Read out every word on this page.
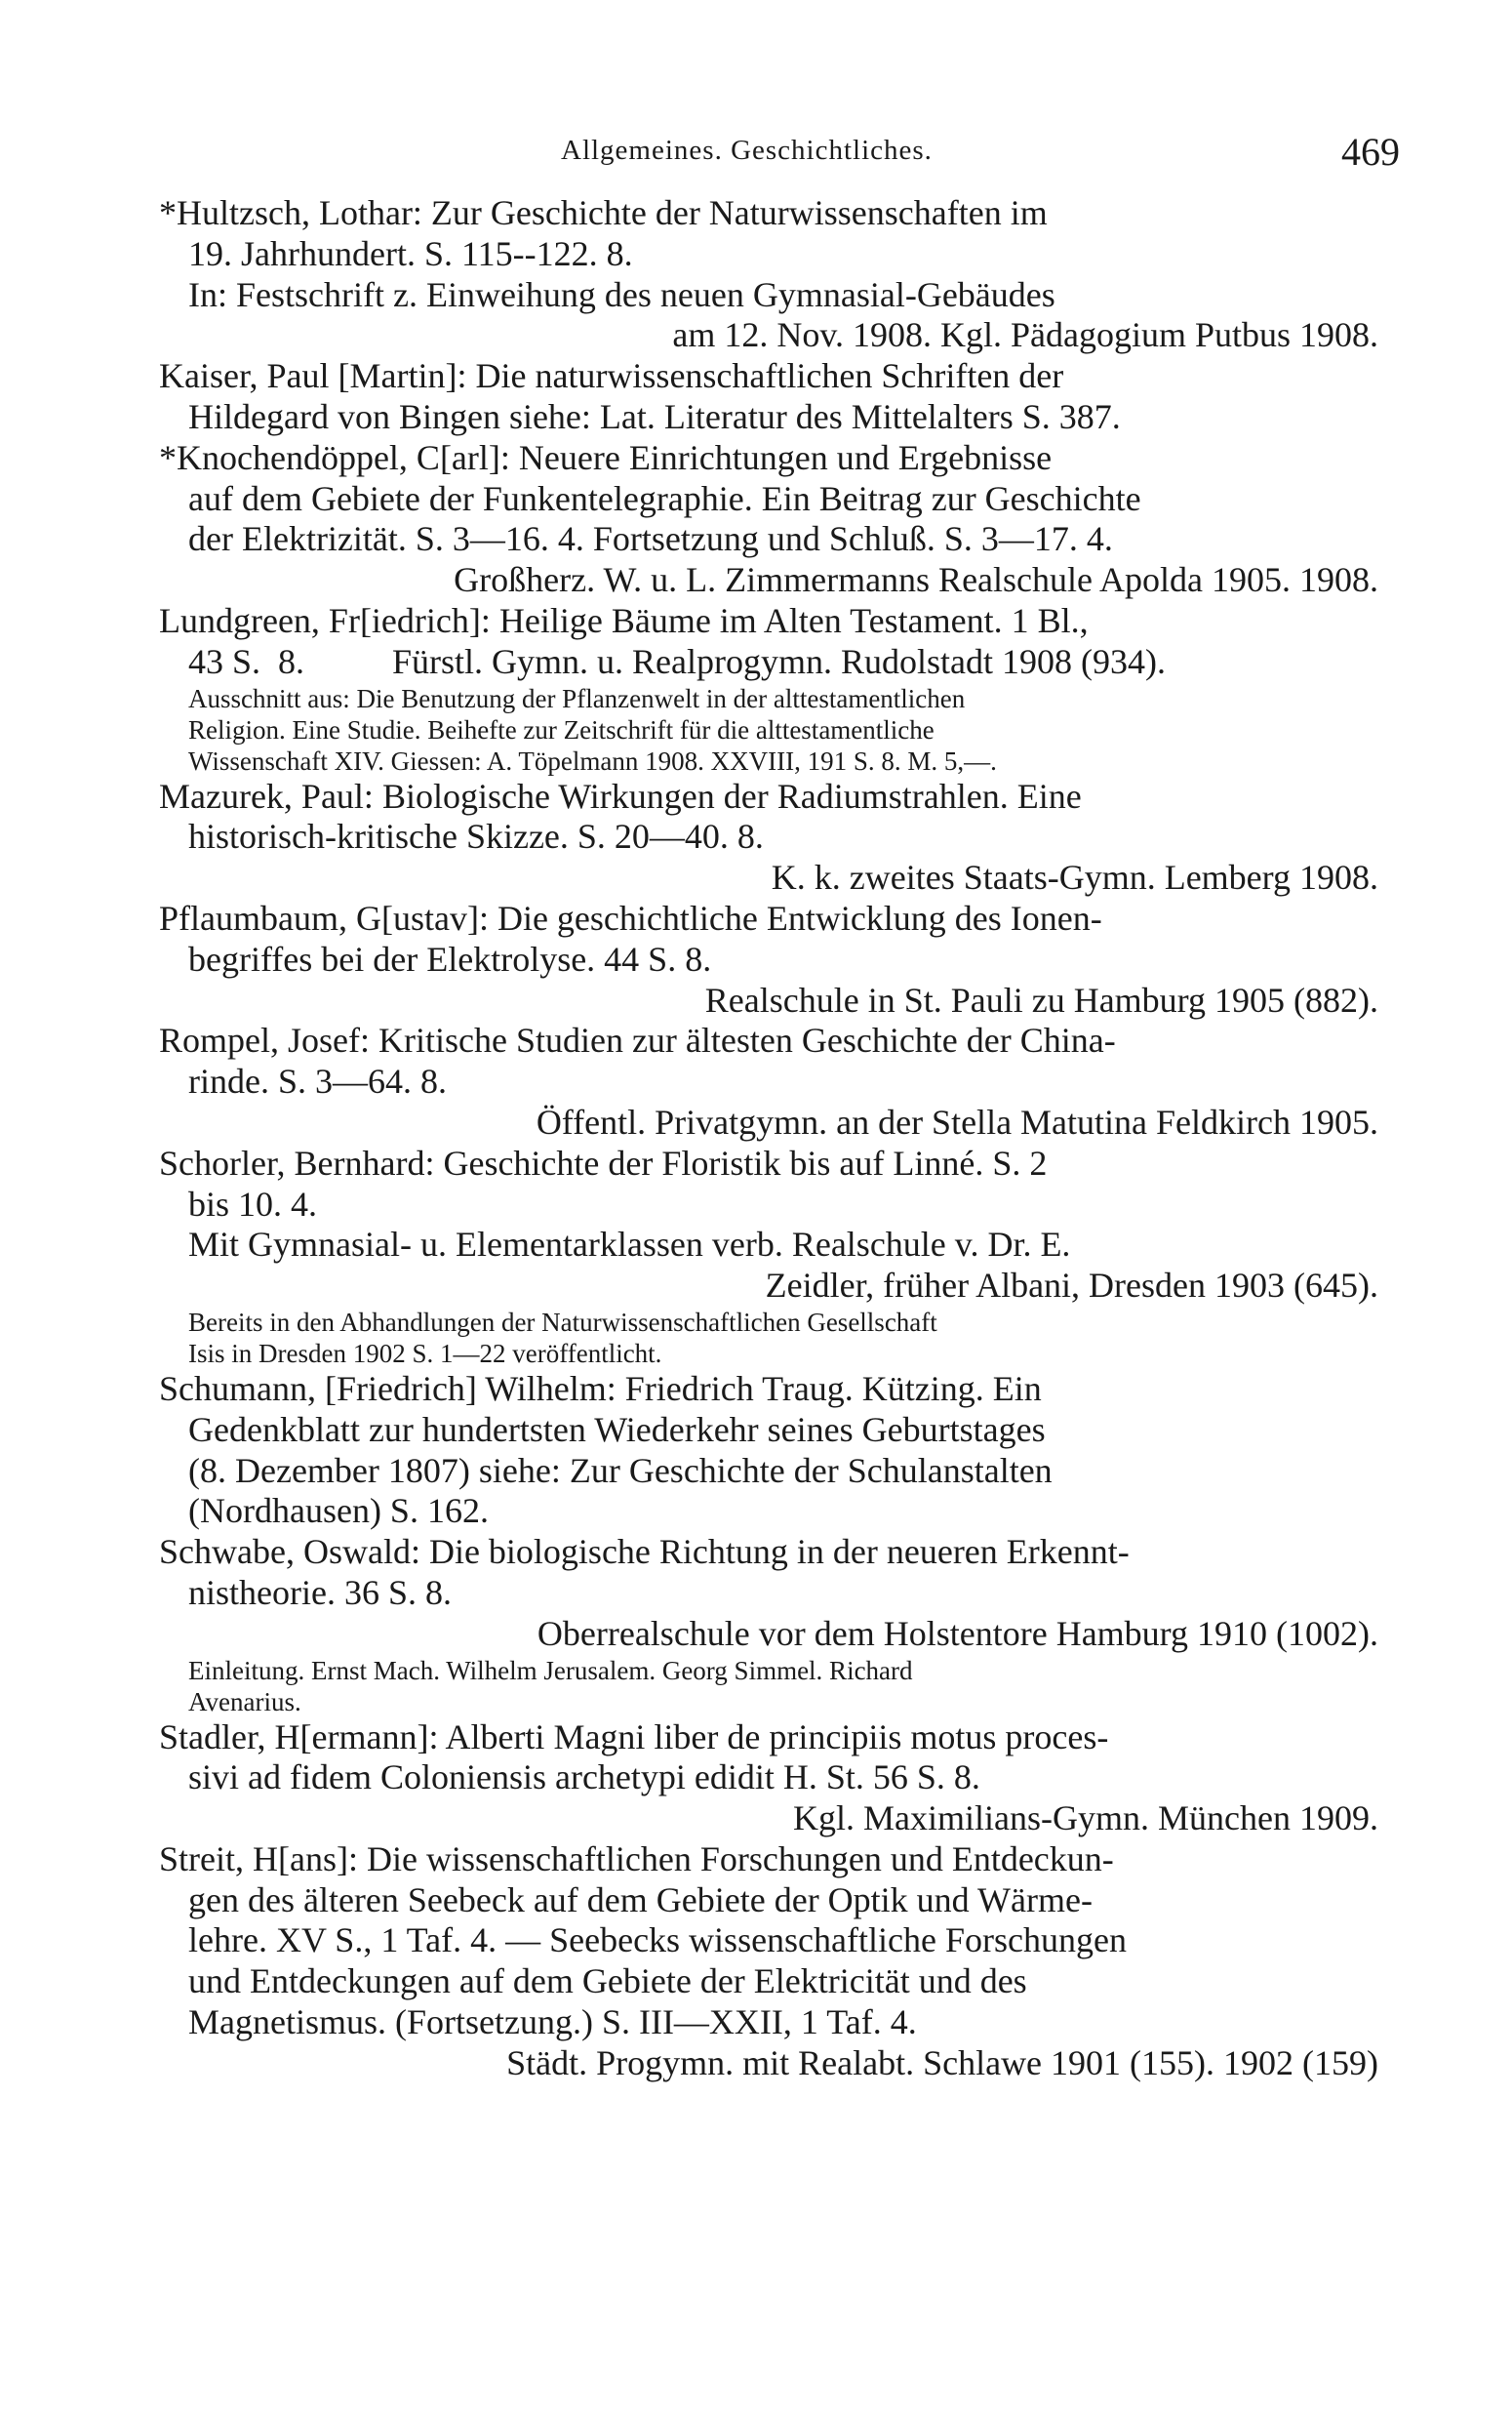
Allgemeines. Geschichtliches.	469
*Hultzsch, Lothar: Zur Geschichte der Naturwissenschaften im
19. Jahrhundert. S. 115--122. 8.
In: Festschrift z. Einweihung des neuen Gymnasial-Gebäudes
am 12. Nov. 1908. Kgl. Pädagogium Putbus 1908.
Kaiser, Paul [Martin]: Die naturwissenschaftlichen Schriften der
Hildegard von Bingen siehe: Lat. Literatur des Mittelalters S. 387.
*Knochendöppel, C[arl]: Neuere Einrichtungen und Ergebnisse
auf dem Gebiete der Funkentelegraphie. Ein Beitrag zur Geschichte
der Elektrizität. S. 3—16. 4. Fortsetzung und Schluß. S. 3—17. 4.
Großherz. W. u. L. Zimmermanns Realschule Apolda 1905. 1908.
Lundgreen, Fr[iedrich]: Heilige Bäume im Alten Testament. 1 Bl.,
43 S.  8.          Fürstl. Gymn. u. Realprogymn. Rudolstadt 1908 (934).
Ausschnitt aus: Die Benutzung der Pflanzenwelt in der alttestamentlichen
Religion. Eine Studie. Beihefte zur Zeitschrift für die alttestamentliche
Wissenschaft XIV. Giessen: A. Töpelmann 1908. XXVIII, 191 S. 8. M. 5,—.
Mazurek, Paul: Biologische Wirkungen der Radiumstrahlen. Eine
historisch-kritische Skizze. S. 20—40. 8.
K. k. zweites Staats-Gymn. Lemberg 1908.
Pflaumbaum, G[ustav]: Die geschichtliche Entwicklung des Ionen-
begriffes bei der Elektrolyse. 44 S. 8.
Realschule in St. Pauli zu Hamburg 1905 (882).
Rompel, Josef: Kritische Studien zur ältesten Geschichte der China-
rinde. S. 3—64. 8.
Öffentl. Privatgymn. an der Stella Matutina Feldkirch 1905.
Schorler, Bernhard: Geschichte der Floristik bis auf Linné. S. 2
bis 10. 4.
Mit Gymnasial- u. Elementarklassen verb. Realschule v. Dr. E.
Zeidler, früher Albani, Dresden 1903 (645).
Bereits in den Abhandlungen der Naturwissenschaftlichen Gesellschaft
Isis in Dresden 1902 S. 1—22 veröffentlicht.
Schumann, [Friedrich] Wilhelm: Friedrich Traug. Kützing. Ein
Gedenkblatt zur hundertsten Wiederkehr seines Geburtstages
(8. Dezember 1807) siehe: Zur Geschichte der Schulanstalten
(Nordhausen) S. 162.
Schwabe, Oswald: Die biologische Richtung in der neueren Erkennt-
nistheorie. 36 S. 8.
Oberrealschule vor dem Holstentore Hamburg 1910 (1002).
Einleitung. Ernst Mach. Wilhelm Jerusalem. Georg Simmel. Richard
Avenarius.
Stadler, H[ermann]: Alberti Magni liber de principiis motus proces-
sivi ad fidem Coloniensis archetypi edidit H. St. 56 S. 8.
Kgl. Maximilians-Gymn. München 1909.
Streit, H[ans]: Die wissenschaftlichen Forschungen und Entdeckun-
gen des älteren Seebeck auf dem Gebiete der Optik und Wärme-
lehre. XV S., 1 Taf. 4. — Seebecks wissenschaftliche Forschungen
und Entdeckungen auf dem Gebiete der Elektricität und des
Magnetismus. (Fortsetzung.) S. III—XXII, 1 Taf. 4.
Städt. Progymn. mit Realabt. Schlawe 1901 (155). 1902 (159)
